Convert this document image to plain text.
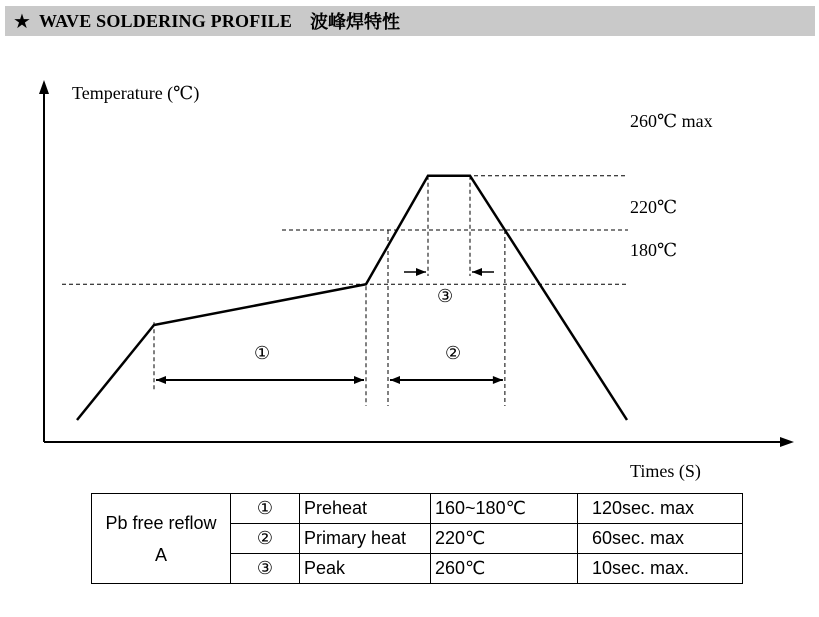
★ WAVE SOLDERING PROFILE 波峰焊特性
Temperature (℃)
Times (S)
260℃ max
220℃
180℃
③
①	②
Pb free reflow
A	①	Preheat	160~180℃	120sec. max
	②	Primary heat	220℃	60sec. max
	③	Peak	260℃	10sec. max.
